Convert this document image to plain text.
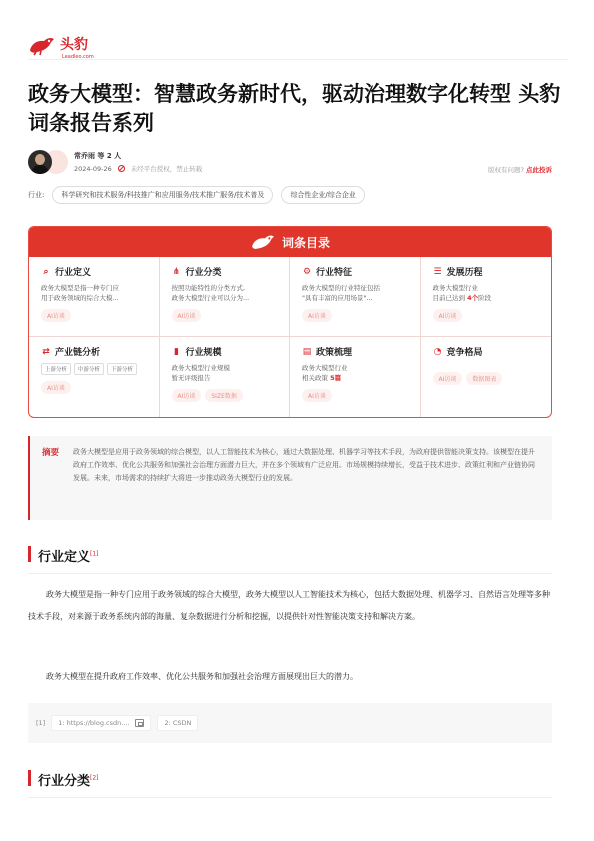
头豹
Leadleo.com
政务大模型：智慧政务新时代，驱动治理数字化转型 头豹词条报告系列
常乔雨 等 2 人
2024-09-26	未经平台授权，禁止转载	版权有问题? 点此投诉
行业:	科学研究和技术服务/科技推广和应用服务/技术推广服务/技术普及	综合性企业/综合企业
词条目录
⌕ 行业定义
政务大模型是指一种专门应
用于政务领域的综合大模...
AI访谈
⋔ 行业分类
按照功能特性的分类方式,
政务大模型行业可以分为...
AI访谈
⚙ 行业特征
政务大模型的行业特征包括
"具有丰富的应用场景"...
AI访谈
☰ 发展历程
政务大模型行业
目前已达到 4个阶段
AI访谈
⇄ 产业链分析
上游分析	中游分析	下游分析
AI访谈
▮ 行业规模
政务大模型行业规模
暂无评级报告
AI访谈	SIZE数据
▤ 政策梳理
政务大模型行业
相关政策 5篇
AI访谈
◔ 竞争格局
AI访谈	数据图表
摘要 政务大模型是应用于政务领域的综合模型，以人工智能技术为核心，通过大数据处理、机器学习等技术手段，为政府提供智能决策支持。该模型在提升政府工作效率、优化公共服务和加强社会治理方面潜力巨大，并在多个领域有广泛应用。市场规模持续增长，受益于技术进步、政策红利和产业链协同发展。未来，市场需求的持续扩大将进一步推动政务大模型行业的发展。

行业定义[1]

政务大模型是指一种专门应用于政务领域的综合大模型，政务大模型以人工智能技术为核心，包括大数据处理、机器学习、自然语言处理等多种技术手段，对来源于政务系统内部的海量、复杂数据进行分析和挖掘，以提供针对性智能决策支持和解决方案。

政务大模型在提升政府工作效率、优化公共服务和加强社会治理方面展现出巨大的潜力。

[1] 1: https://blog.csdn....	2: CSDN
行业分类[2]
